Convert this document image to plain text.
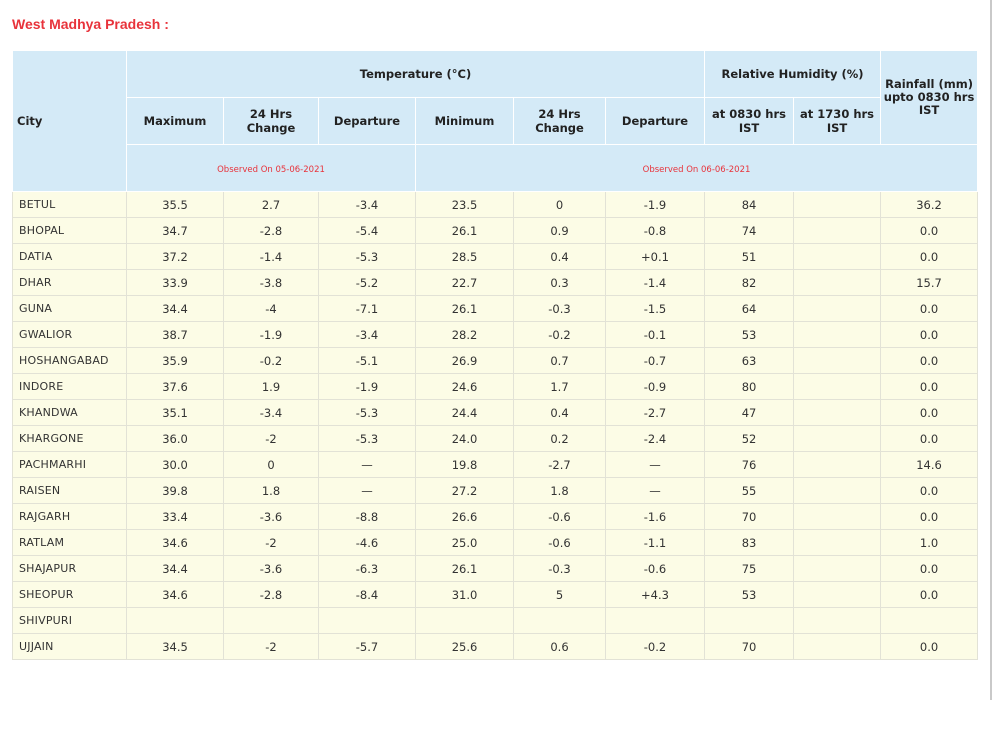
West Madhya Pradesh :
City	Temperature (°C)						Relative Humidity (%)		Rainfall (mm) upto 0830 hrs IST
	Maximum	24 Hrs Change	Departure	Minimum	24 Hrs Change	Departure	at 0830 hrs IST	at 1730 hrs IST	
	Observed On 05-06-2021			Observed On 06-06-2021					
BETUL	35.5	2.7	-3.4	23.5	0	-1.9	84		36.2
BHOPAL	34.7	-2.8	-5.4	26.1	0.9	-0.8	74		0.0
DATIA	37.2	-1.4	-5.3	28.5	0.4	+0.1	51		0.0
DHAR	33.9	-3.8	-5.2	22.7	0.3	-1.4	82		15.7
GUNA	34.4	-4	-7.1	26.1	-0.3	-1.5	64		0.0
GWALIOR	38.7	-1.9	-3.4	28.2	-0.2	-0.1	53		0.0
HOSHANGABAD	35.9	-0.2	-5.1	26.9	0.7	-0.7	63		0.0
INDORE	37.6	1.9	-1.9	24.6	1.7	-0.9	80		0.0
KHANDWA	35.1	-3.4	-5.3	24.4	0.4	-2.7	47		0.0
KHARGONE	36.0	-2	-5.3	24.0	0.2	-2.4	52		0.0
PACHMARHI	30.0	0	—	19.8	-2.7	—	76		14.6
RAISEN	39.8	1.8	—	27.2	1.8	—	55		0.0
RAJGARH	33.4	-3.6	-8.8	26.6	-0.6	-1.6	70		0.0
RATLAM	34.6	-2	-4.6	25.0	-0.6	-1.1	83		1.0
SHAJAPUR	34.4	-3.6	-6.3	26.1	-0.3	-0.6	75		0.0
SHEOPUR	34.6	-2.8	-8.4	31.0	5	+4.3	53		0.0
SHIVPURI									
UJJAIN	34.5	-2	-5.7	25.6	0.6	-0.2	70		0.0
